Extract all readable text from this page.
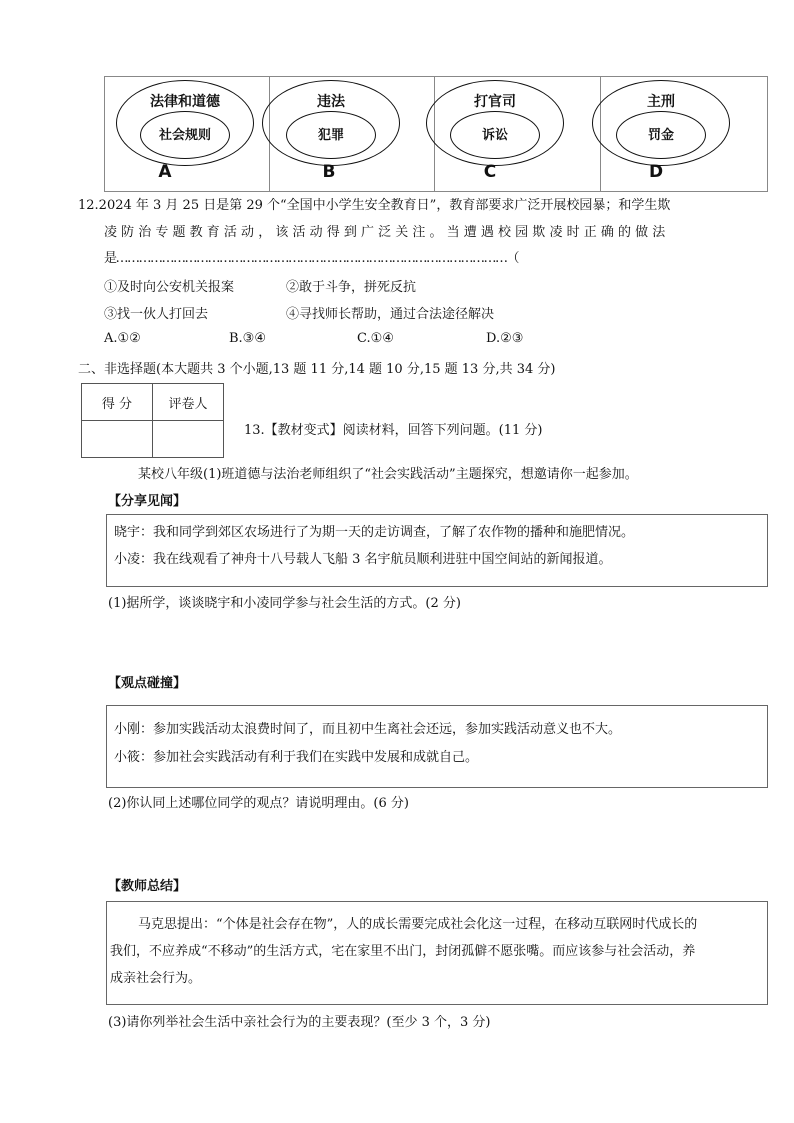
法律和道德
社会规则
A
违法
犯罪
B
打官司
诉讼
C
主刑
罚金
D
12.2024 年 3 月 25 日是第 29 个“全国中小学生安全教育日”，教育部要求广泛开展校园暴；和学生欺
凌 防 治 专 题 教 育 活 动 ， 该 活 动 得 到 广 泛 关 注 。 当 遭 遇 校 园 欺 凌 时 正 确 的 做 法
是…………………………………………………………………………………………（
①及时向公安机关报案	②敢于斗争，拼死反抗
③找一伙人打回去	④寻找师长帮助，通过合法途径解决
A.①②	B.③④	C.①④	D.②③
二、非选择题(本大题共 3 个小题,13 题 11 分,14 题 10 分,15 题 13 分,共 34 分)
得 分	评卷人

13.【教材变式】阅读材料，回答下列问题。(11 分)
某校八年级(1)班道德与法治老师组织了“社会实践活动”主题探究，想邀请你一起参加。
【分享见闻】
晓宇：我和同学到郊区农场进行了为期一天的走访调查，了解了农作物的播种和施肥情况。
小凌：我在线观看了神舟十八号载人飞船 3 名宇航员顺利进驻中国空间站的新闻报道。
(1)据所学，谈谈晓宇和小凌同学参与社会生活的方式。(2 分)
【观点碰撞】
小刚：参加实践活动太浪费时间了，而且初中生离社会还远，参加实践活动意义也不大。
小筱：参加社会实践活动有利于我们在实践中发展和成就自己。
(2)你认同上述哪位同学的观点？请说明理由。(6 分)
【教师总结】
马克思提出：“个体是社会存在物”，人的成长需要完成社会化这一过程，在移动互联网时代成长的
我们，不应养成“不移动”的生活方式，宅在家里不出门，封闭孤僻不愿张嘴。而应该参与社会活动，养
成亲社会行为。
(3)请你列举社会生活中亲社会行为的主要表现？(至少 3 个，3 分)
